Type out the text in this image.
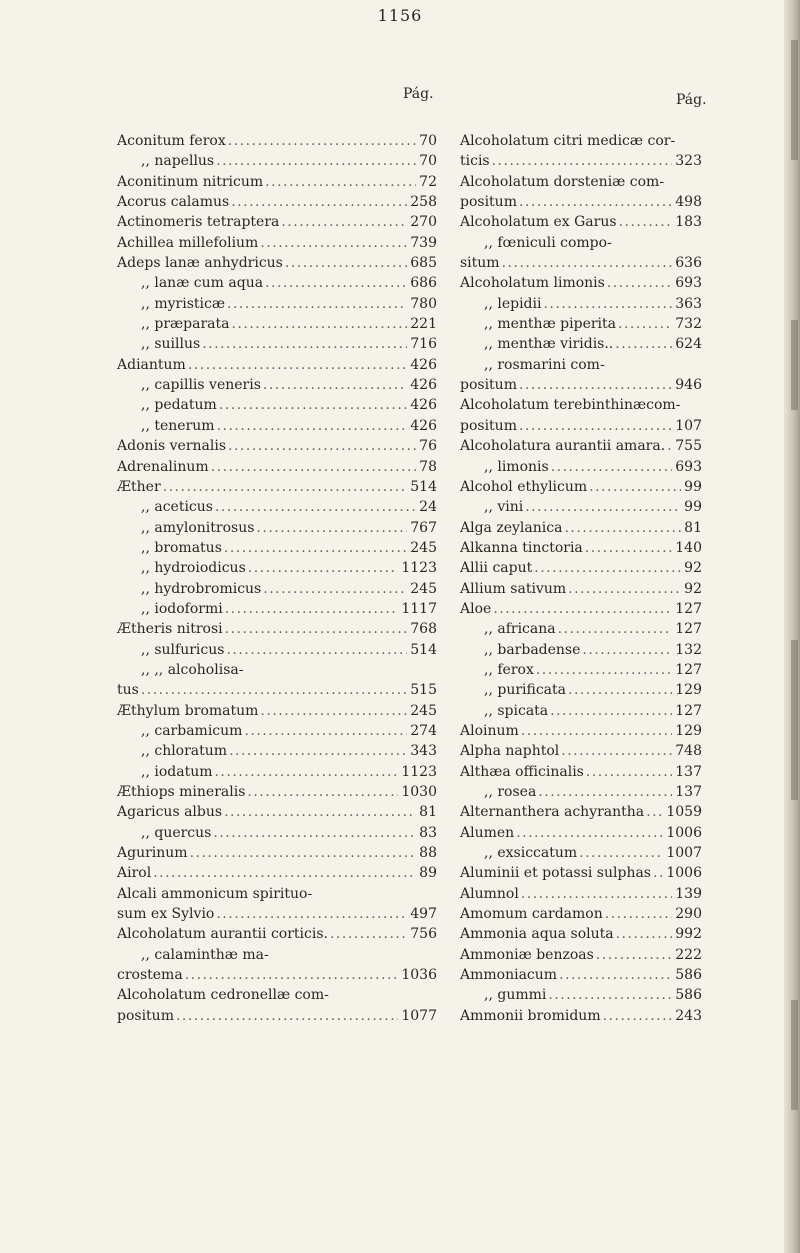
1156
Pág.	Pág.
Aconitum ferox .....	70
,, napellus .....	70
Aconitinum nitricum .....	72
Acorus calamus .....	258
Actinomeris tetraptera .....	270
Achillea millefolium .....	739
Adeps lanæ anhydricus .....	685
,, lanæ cum aqua .....	686
,, myristicæ .....	780
,, præparata .....	221
,, suillus .....	716
Adiantum .....	426
,, capillis veneris .....	426
,, pedatum .....	426
,, tenerum .....	426
Adonis vernalis .....	76
Adrenalinum .....	78
Æther .....	514
,, aceticus .....	24
,, amylonitrosus .....	767
,, bromatus .....	245
,, hydroiodicus .....	1123
,, hydrobromicus .....	245
,, iodoformi .....	1117
Ætheris nitrosi .....	768
,, sulfuricus .....	514
,, ,, alcoholisa-
tus .....	515
Æthylum bromatum .....	245
,, carbamicum .....	274
,, chloratum .....	343
,, iodatum .....	1123
Æthiops mineralis .....	1030
Agaricus albus .....	81
,, quercus .....	83
Agurinum .....	88
Airol .....	89
Alcali ammonicum spirituo-
sum ex Sylvio .....	497
Alcoholatum aurantii corticis. .....	756
,, calaminthæ ma-
crostema .....	1036
Alcoholatum cedronellæ com-
positum .....	1077
Alcoholatum citri medicæ cor-
ticis .....	323
Alcoholatum dorsteniæ com-
positum .....	498
Alcoholatum ex Garus .....	183
,, fœniculi compo-
situm .....	636
Alcoholatum limonis .....	693
,, lepidii .....	363
,, menthæ piperita .....	732
,, menthæ viridis.. .....	624
,, rosmarini com-
positum .....	946
Alcoholatum terebinthinæcom-
positum .....	107
Alcoholatura aurantii amara. ..... 755
,, limonis .....	693
Alcohol ethylicum .....	99
,, vini .....	99
Alga zeylanica .....	81
Alkanna tinctoria .....	140
Allii caput .....	92
Allium sativum .....	92
Aloe .....	127
,, africana .....	127
,, barbadense .....	132
,, ferox .....	127
,, purificata .....	129
,, spicata .....	127
Aloinum .....	129
Alpha naphtol .....	748
Althæa officinalis .....	137
,, rosea .....	137
Alternanthera achyrantha ..... 1059
Alumen .....	1006
,, exsiccatum .....	1007
Aluminii et potassi sulphas ..... 1006
Alumnol .....	139
Amomum cardamon .....	290
Ammonia aqua soluta .....	992
Ammoniæ benzoas .....	222
Ammoniacum .....	586
,, gummi .....	586
Ammonii bromidum .....	243
